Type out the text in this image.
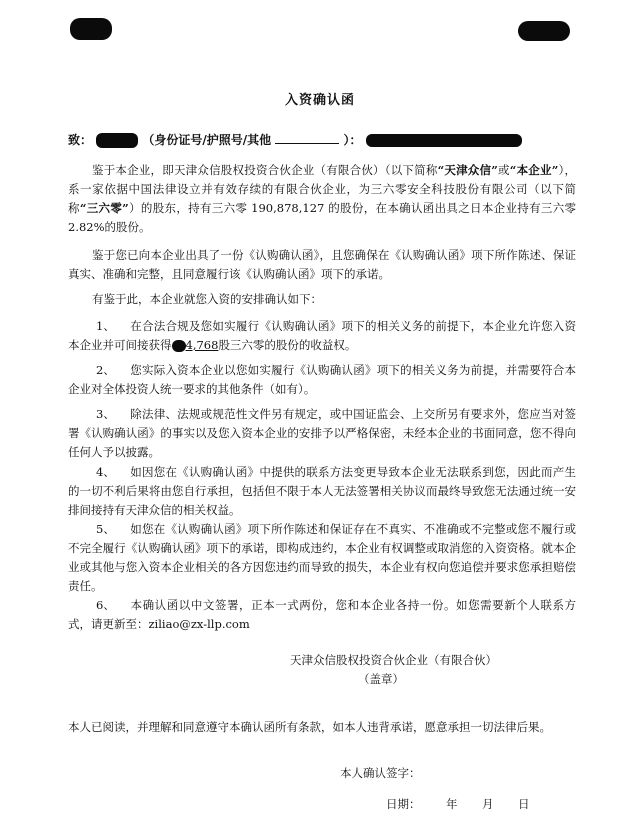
入资确认函
致：	（身份证号/护照号/其他	）：

鉴于本企业，即天津众信股权投资合伙企业（有限合伙）（以下简称“天津众信”或“本企业”），系一家依据中国法律设立并有效存续的有限合伙企业，为三六零安全科技股份有限公司（以下简称“三六零”）的股东，持有三六零 190,878,127 的股份，在本确认函出具之日本企业持有三六零 2.82%的股份。

鉴于您已向本企业出具了一份《认购确认函》，且您确保在《认购确认函》项下所作陈述、保证真实、准确和完整，且同意履行该《认购确认函》项下的承诺。

有鉴于此，本企业就您入资的安排确认如下：

1、 在合法合规及您如实履行《认购确认函》项下的相关义务的前提下，本企业允许您入资本企业并可间接获得 4,768股三六零的股份的收益权。

2、 您实际入资本企业以您如实履行《认购确认函》项下的相关义务为前提，并需要符合本企业对全体投资人统一要求的其他条件（如有）。

3、 除法律、法规或规范性文件另有规定，或中国证监会、上交所另有要求外，您应当对签署《认购确认函》的事实以及您入资本企业的安排予以严格保密，未经本企业的书面同意，您不得向任何人予以披露。

4、 如因您在《认购确认函》中提供的联系方法变更导致本企业无法联系到您，因此而产生的一切不利后果将由您自行承担，包括但不限于本人无法签署相关协议而最终导致您无法通过统一安排间接持有天津众信的相关权益。

5、 如您在《认购确认函》项下所作陈述和保证存在不真实、不准确或不完整或您不履行或不完全履行《认购确认函》项下的承诺，即构成违约，本企业有权调整或取消您的入资资格。就本企业或其他与您入资本企业相关的各方因您违约而导致的损失，本企业有权向您追偿并要求您承担赔偿责任。

6、 本确认函以中文签署，正本一式两份，您和本企业各持一份。如您需要新个人联系方式，请更新至：ziliao@zx-llp.com

天津众信股权投资合伙企业（有限合伙）
（盖章）
本人已阅读，并理解和同意遵守本确认函所有条款，如本人违背承诺，愿意承担一切法律后果。
本人确认签字：
日期： 年 月 日
